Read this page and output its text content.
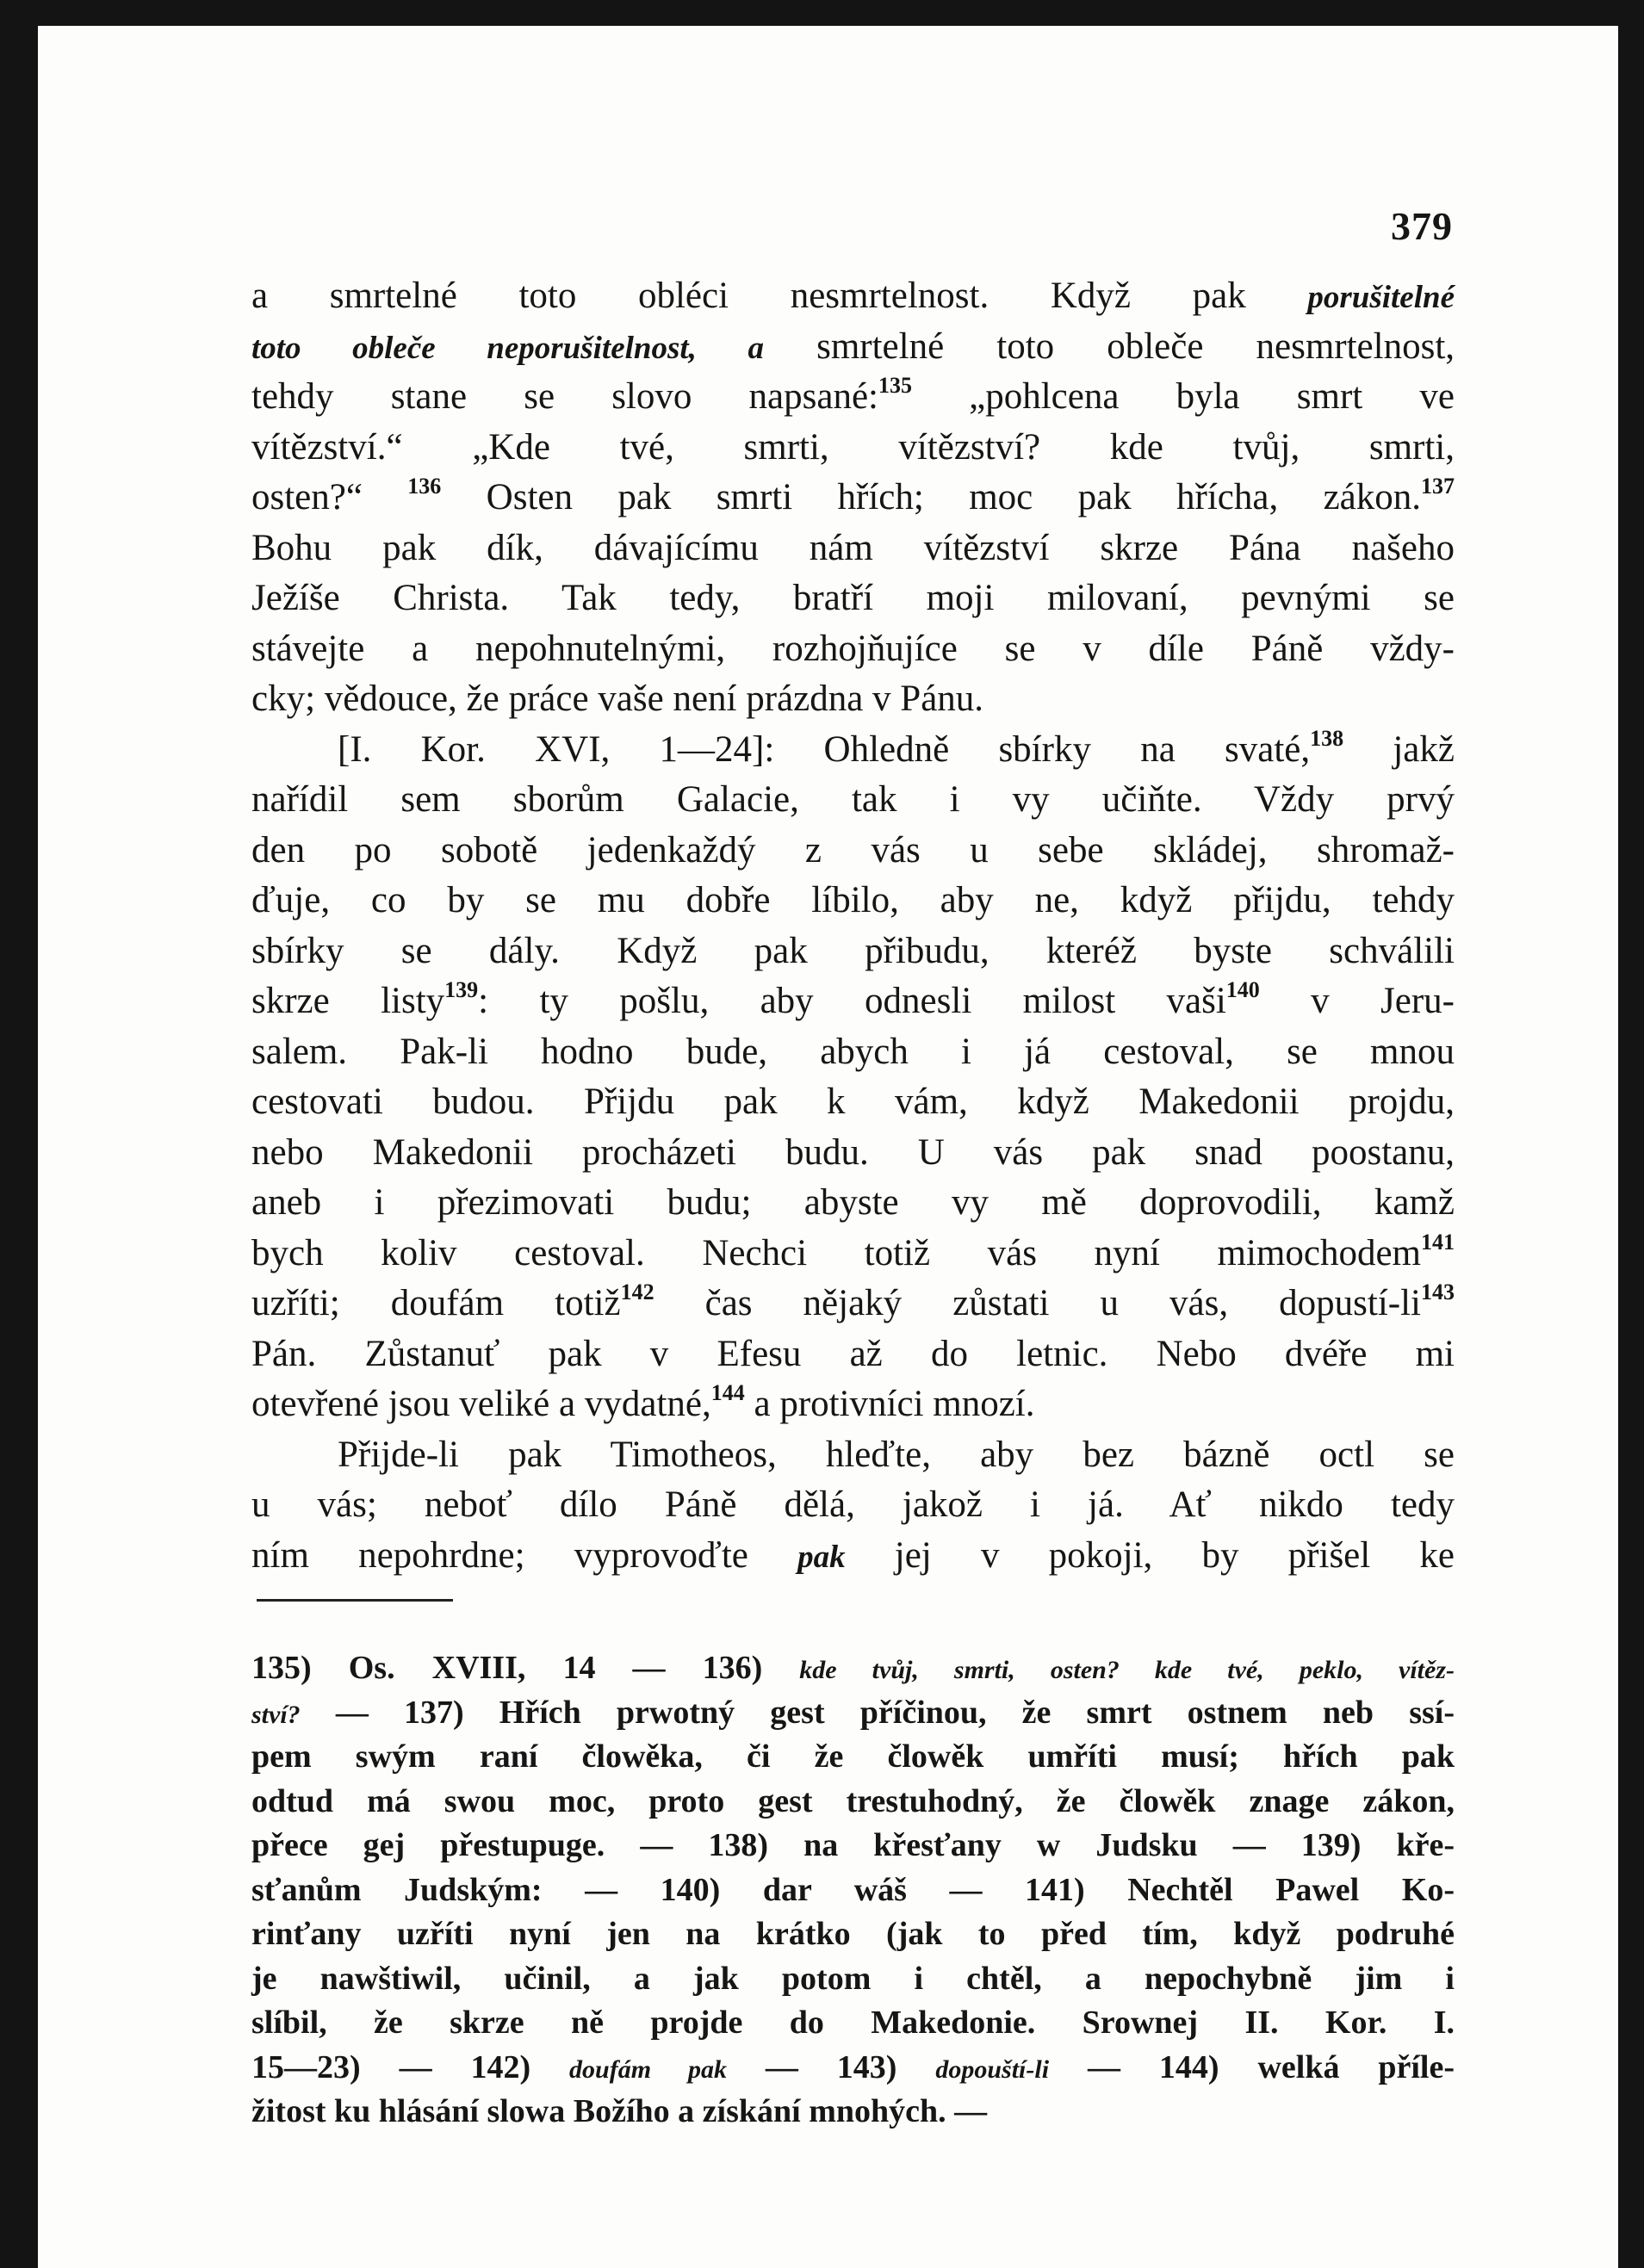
379
a smrtelné toto obléci nesmrtelnost. Když pak porušitelné
toto obleče neporušitelnost, a smrtelné toto obleče nesmrtelnost,
tehdy stane se slovo napsané:$^{135}$ „pohlcena byla smrt ve
vítězství.“ „Kde tvé, smrti, vítězství? kde tvůj, smrti,
osten?“ $^{136}$ Osten pak smrti hřích; moc pak hřícha, zákon.$^{137}$
Bohu pak dík, dávajícímu nám vítězství skrze Pána našeho
Ježíše Christa. Tak tedy, bratří moji milovaní, pevnými se
stávejte a nepohnutelnými, rozhojňujíce se v díle Páně vždy-
cky; vědouce, že práce vaše není prázdna v Pánu.
[I. Kor. XVI, 1—24]: Ohledně sbírky na svaté,$^{138}$ jakž
nařídil sem sborům Galacie, tak i vy učiňte. Vždy prvý
den po sobotě jedenkaždý z vás u sebe skládej, shromaž-
ďuje, co by se mu dobře líbilo, aby ne, když přijdu, tehdy
sbírky se dály. Když pak přibudu, kteréž byste schválili
skrze listy$^{139}$: ty pošlu, aby odnesli milost vaši$^{140}$ v Jeru-
salem. Pak-li hodno bude, abych i já cestoval, se mnou
cestovati budou. Přijdu pak k vám, když Makedonii projdu,
nebo Makedonii procházeti budu. U vás pak snad poostanu,
aneb i přezimovati budu; abyste vy mě doprovodili, kamž
bych koliv cestoval. Nechci totiž vás nyní mimochodem$^{141}$
uzříti; doufám totiž$^{142}$ čas nějaký zůstati u vás, dopustí-li$^{143}$
Pán. Zůstanuť pak v Efesu až do letnic. Nebo dvéře mi
otevřené jsou veliké a vydatné,$^{144}$ a protivníci mnozí.
Přijde-li pak Timotheos, hleďte, aby bez bázně octl se
u vás; neboť dílo Páně dělá, jakož i já. Ať nikdo tedy
ním nepohrdne; vyprovoďte pak jej v pokoji, by přišel ke
135) Os. XVIII, 14 — 136) kde tvůj, smrti, osten? kde tvé, peklo, vítěz-
ství? — 137) Hřích prwotný gest příčinou, že smrt ostnem neb ssí-
pem swým raní člowěka, či že člowěk umříti musí; hřích pak
odtud má swou moc, proto gest trestuhodný, že člowěk znage zákon,
přece gej přestupuge. — 138) na křesťany w Judsku — 139) kře-
sťanům Judským: — 140) dar wáš — 141) Nechtěl Pawel Ko-
rinťany uzříti nyní jen na krátko (jak to před tím, když podruhé
je nawštiwil, učinil, a jak potom i chtěl, a nepochybně jim i
slíbil, že skrze ně projde do Makedonie. Srownej II. Kor. I.
15—23) — 142) doufám pak — 143) dopouští-li — 144) welká příle-
žitost ku hlásání slowa Božího a získání mnohých. —
